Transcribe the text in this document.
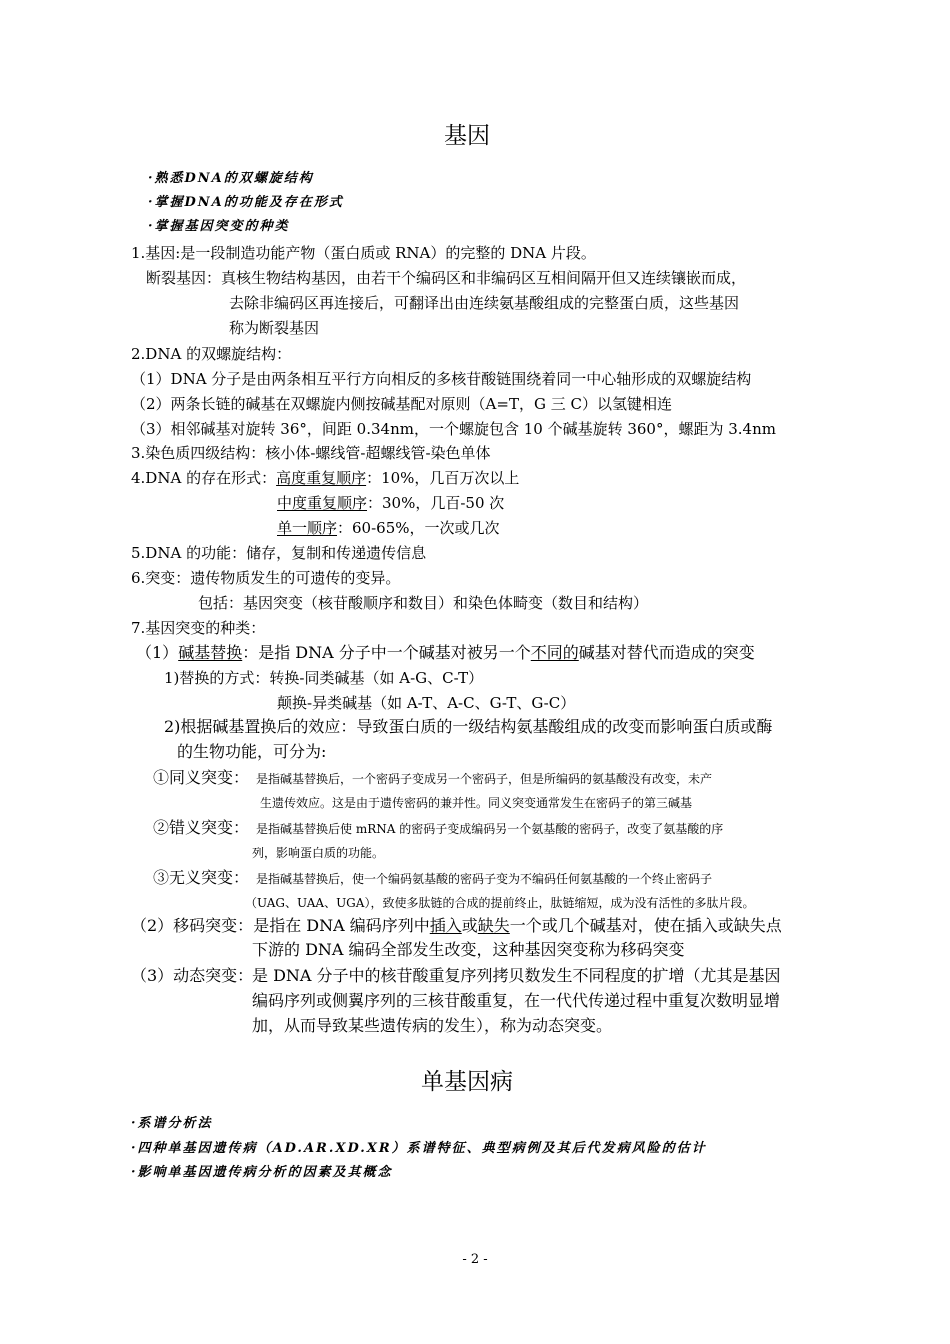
基因
·熟悉DNA的双螺旋结构
·掌握DNA的功能及存在形式
·掌握基因突变的种类
1.基因:是一段制造功能产物（蛋白质或 RNA）的完整的 DNA 片段。
断裂基因：真核生物结构基因，由若干个编码区和非编码区互相间隔开但又连续镶嵌而成，
去除非编码区再连接后，可翻译出由连续氨基酸组成的完整蛋白质，这些基因
称为断裂基因
2.DNA 的双螺旋结构：
（1）DNA 分子是由两条相互平行方向相反的多核苷酸链围绕着同一中心轴形成的双螺旋结构
（2）两条长链的碱基在双螺旋内侧按碱基配对原则（A=T，G 三 C）以氢键相连
（3）相邻碱基对旋转 36°，间距 0.34nm，一个螺旋包含 10 个碱基旋转 360°，螺距为 3.4nm
3.染色质四级结构：核小体-螺线管-超螺线管-染色单体
4.DNA 的存在形式：高度重复顺序：10%，几百万次以上
中度重复顺序：30%，几百-50 次
单一顺序：60-65%，一次或几次
5.DNA 的功能：储存，复制和传递遗传信息
6.突变：遗传物质发生的可遗传的变异。
包括：基因突变（核苷酸顺序和数目）和染色体畸变（数目和结构）
7.基因突变的种类：
（1）碱基替换：是指 DNA 分子中一个碱基对被另一个不同的碱基对替代而造成的突变
1)替换的方式：转换-同类碱基（如 A-G、C-T）
颠换-异类碱基（如 A-T、A-C、G-T、G-C）
2)根据碱基置换后的效应：导致蛋白质的一级结构氨基酸组成的改变而影响蛋白质或酶
的生物功能，可分为:
①同义突变： 是指碱基替换后，一个密码子变成另一个密码子，但是所编码的氨基酸没有改变，未产
生遗传效应。这是由于遗传密码的兼并性。同义突变通常发生在密码子的第三碱基
②错义突变： 是指碱基替换后使 mRNA 的密码子变成编码另一个氨基酸的密码子，改变了氨基酸的序
列，影响蛋白质的功能。
③无义突变： 是指碱基替换后，使一个编码氨基酸的密码子变为不编码任何氨基酸的一个终止密码子
（UAG、UAA、UGA），致使多肽链的合成的提前终止，肽链缩短，成为没有活性的多肽片段。
（2）移码突变：是指在 DNA 编码序列中插入或缺失一个或几个碱基对，使在插入或缺失点
下游的 DNA 编码全部发生改变，这种基因突变称为移码突变
（3）动态突变：
是 DNA 分子中的核苷酸重复序列拷贝数发生不同程度的扩增（尤其是基因
编码序列或侧翼序列的三核苷酸重复，在一代代传递过程中重复次数明显增
加，从而导致某些遗传病的发生），称为动态突变。
单基因病
·系谱分析法
·四种单基因遗传病（AD.AR.XD.XR）系谱特征、典型病例及其后代发病风险的估计
·影响单基因遗传病分析的因素及其概念
- 2 -
